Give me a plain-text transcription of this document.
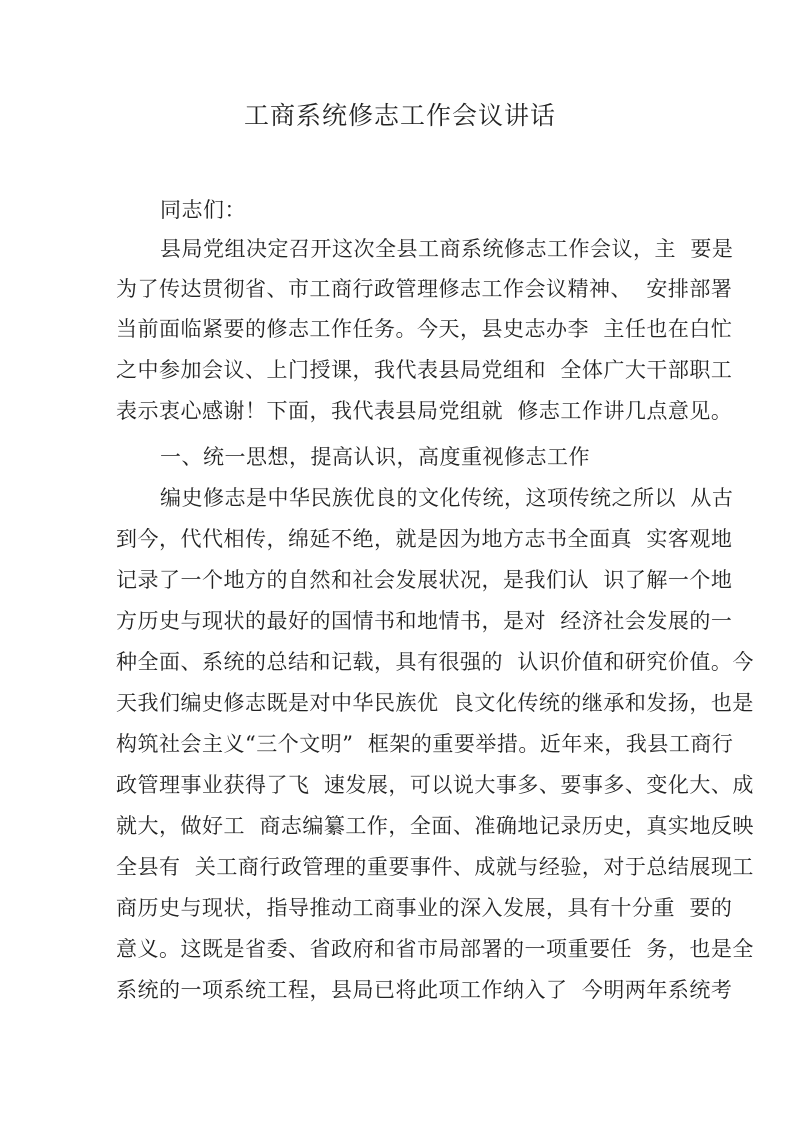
工商系统修志工作会议讲话
同志们：
县局党组决定召开这次全县工商系统修志工作会议，主  要是
为了传达贯彻省、市工商行政管理修志工作会议精神、  安排部署
当前面临紧要的修志工作任务。今天，县史志办李  主任也在白忙
之中参加会议、上门授课，我代表县局党组和  全体广大干部职工
表示衷心感谢！下面，我代表县局党组就  修志工作讲几点意见。
一、统一思想，提高认识，高度重视修志工作
编史修志是中华民族优良的文化传统，这项传统之所以  从古
到今，代代相传，绵延不绝，就是因为地方志书全面真  实客观地
记录了一个地方的自然和社会发展状况，是我们认  识了解一个地
方历史与现状的最好的国情书和地情书，是对  经济社会发展的一
种全面、系统的总结和记载，具有很强的  认识价值和研究价值。今
天我们编史修志既是对中华民族优  良文化传统的继承和发扬，也是
构筑社会主义“三个文明”  框架的重要举措。近年来，我县工商行
政管理事业获得了飞  速发展，可以说大事多、要事多、变化大、成
就大，做好工  商志编纂工作，全面、准确地记录历史，真实地反映
全县有  关工商行政管理的重要事件、成就与经验，对于总结展现工
商历史与现状，指导推动工商事业的深入发展，具有十分重  要的
意义。这既是省委、省政府和省市局部署的一项重要任  务，也是全
系统的一项系统工程，县局已将此项工作纳入了  今明两年系统考
